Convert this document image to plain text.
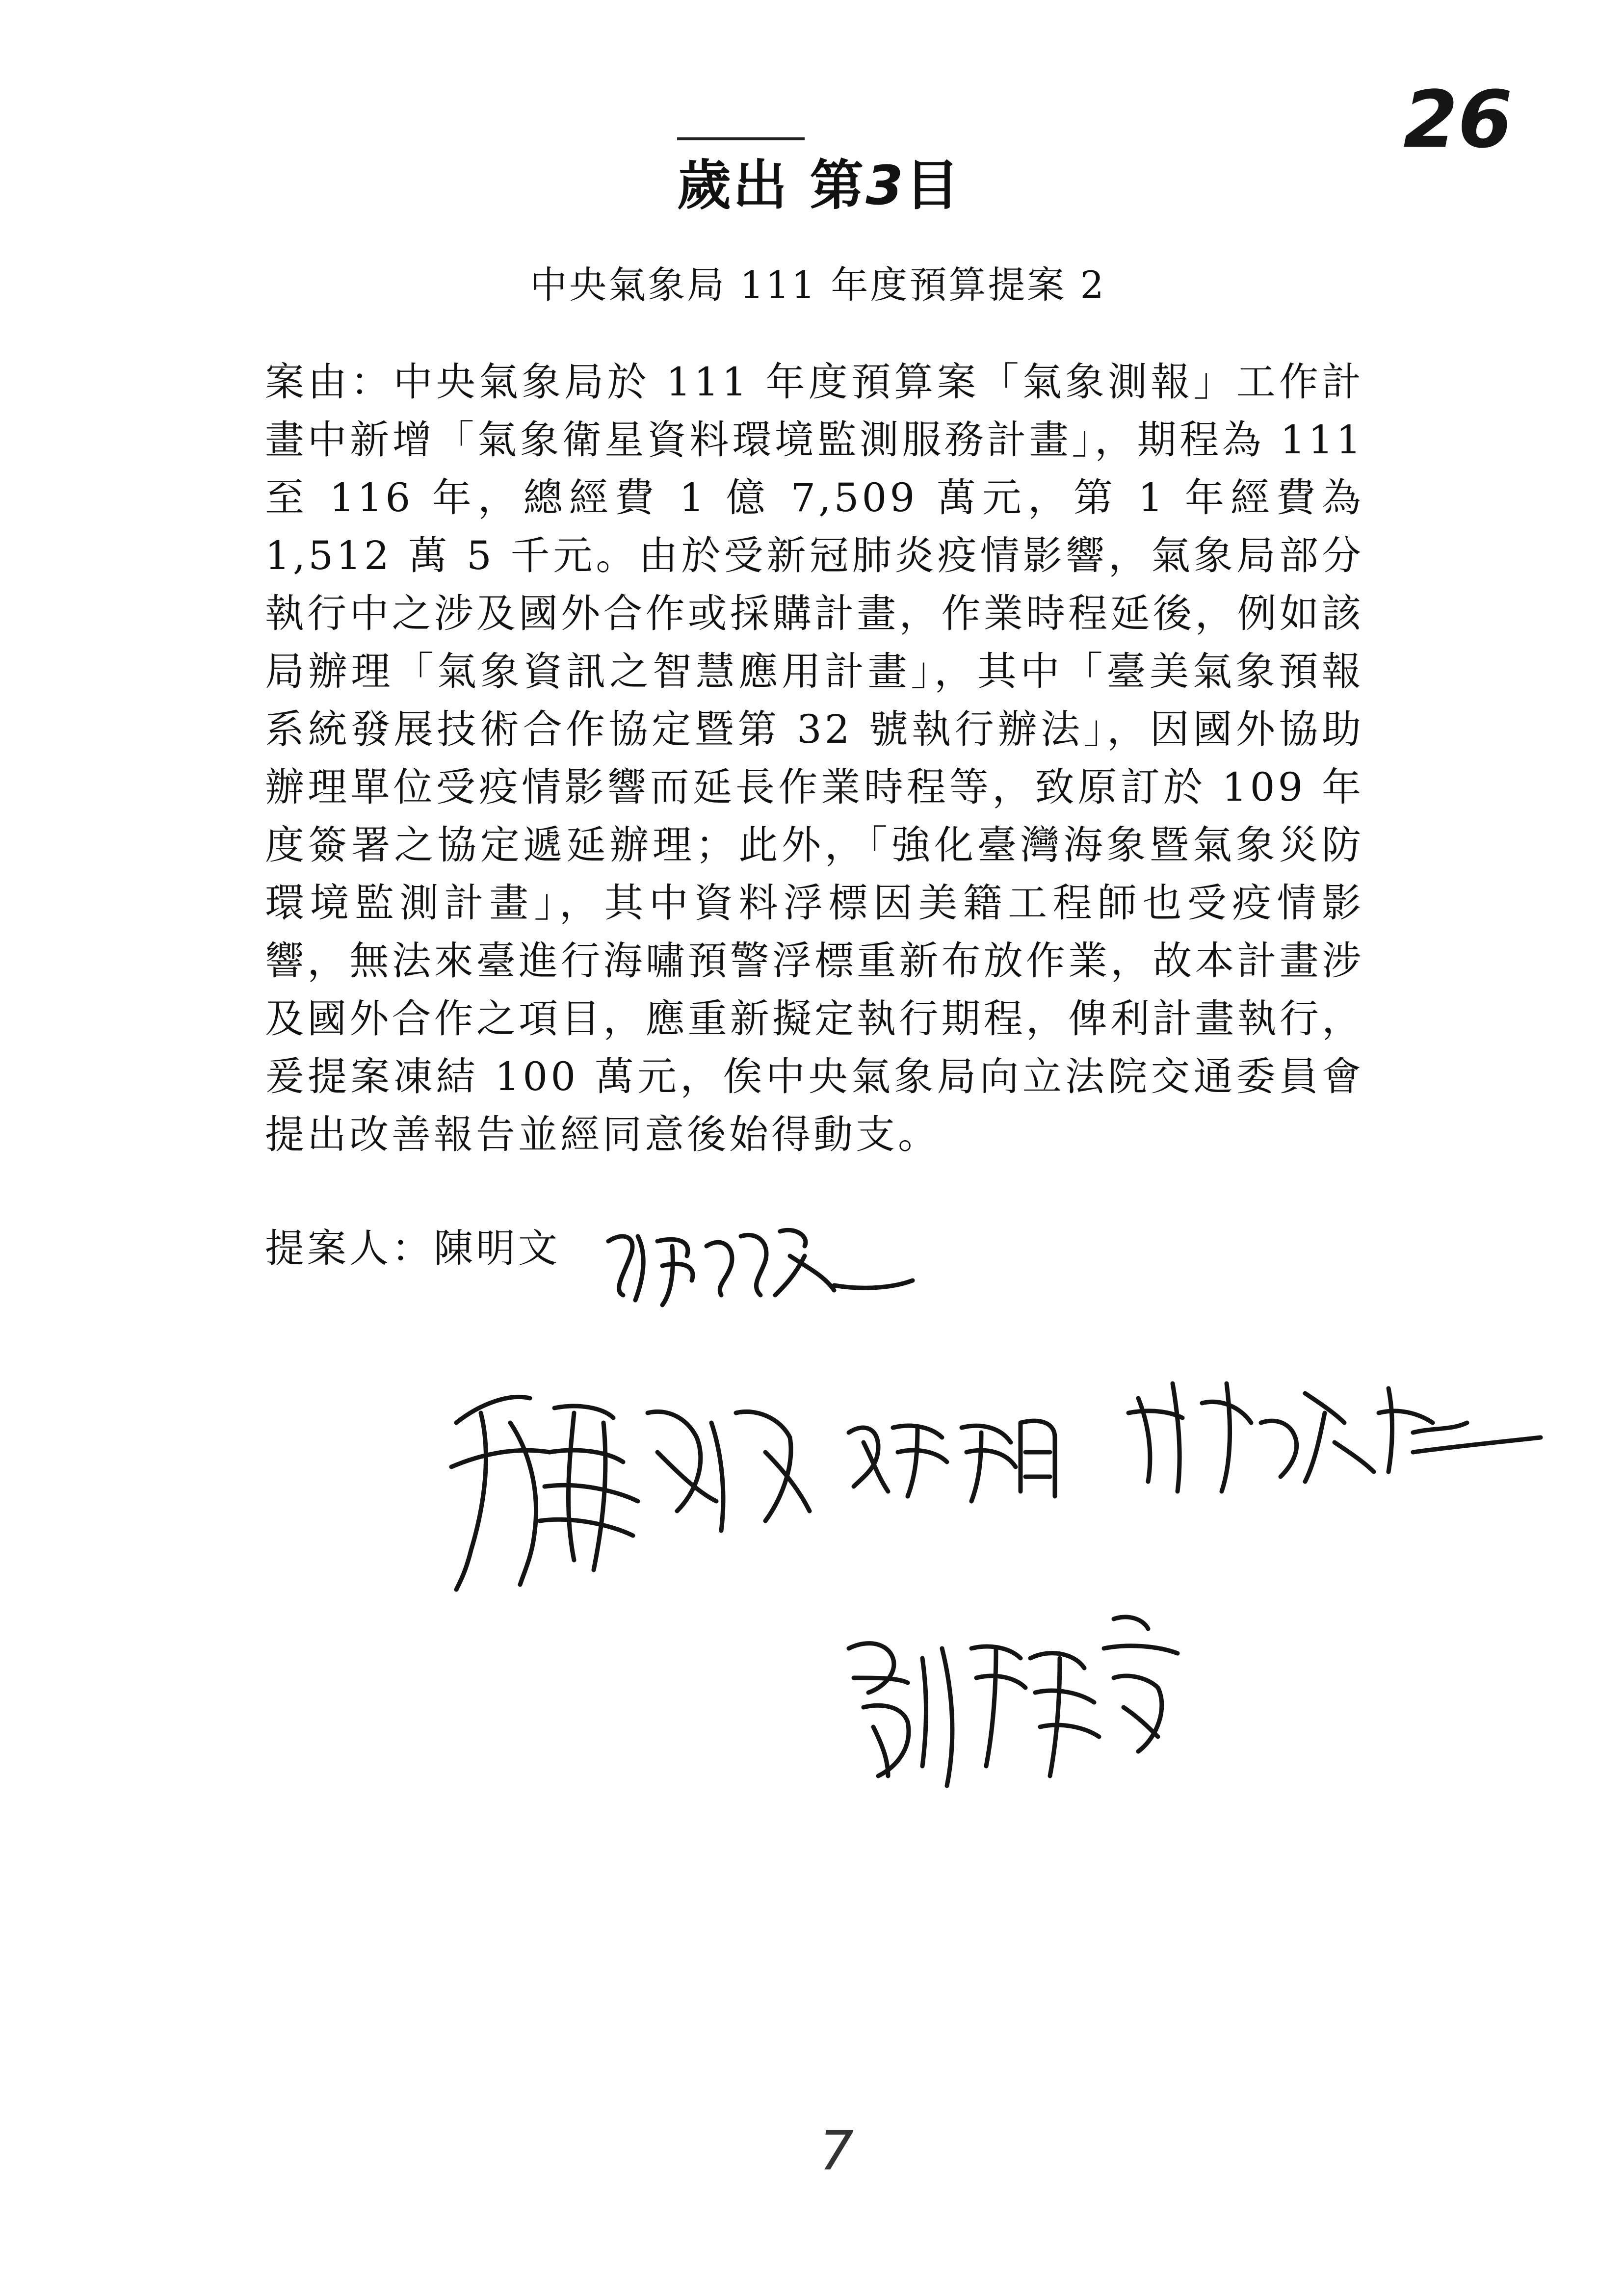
26
歲出 第3目
中央氣象局 111 年度預算提案 2
案由：中央氣象局於 111 年度預算案「氣象測報」工作計畫中新增「氣象衛星資料環境監測服務計畫」，期程為 111 至 116 年，總經費 1 億 7,509 萬元，第 1 年經費為 1,512 萬 5 千元。由於受新冠肺炎疫情影響，氣象局部分執行中之涉及國外合作或採購計畫，作業時程延後，例如該局辦理「氣象資訊之智慧應用計畫」，其中「臺美氣象預報系統發展技術合作協定暨第 32 號執行辦法」，因國外協助辦理單位受疫情影響而延長作業時程等，致原訂於 109 年度簽署之協定遞延辦理；此外，「強化臺灣海象暨氣象災防環境監測計畫」，其中資料浮標因美籍工程師也受疫情影響，無法來臺進行海嘯預警浮標重新布放作業，故本計畫涉及國外合作之項目，應重新擬定執行期程，俾利計畫執行，爰提案凍結 100 萬元，俟中央氣象局向立法院交通委員會提出改善報告並經同意後始得動支。
提案人：陳明文
7
